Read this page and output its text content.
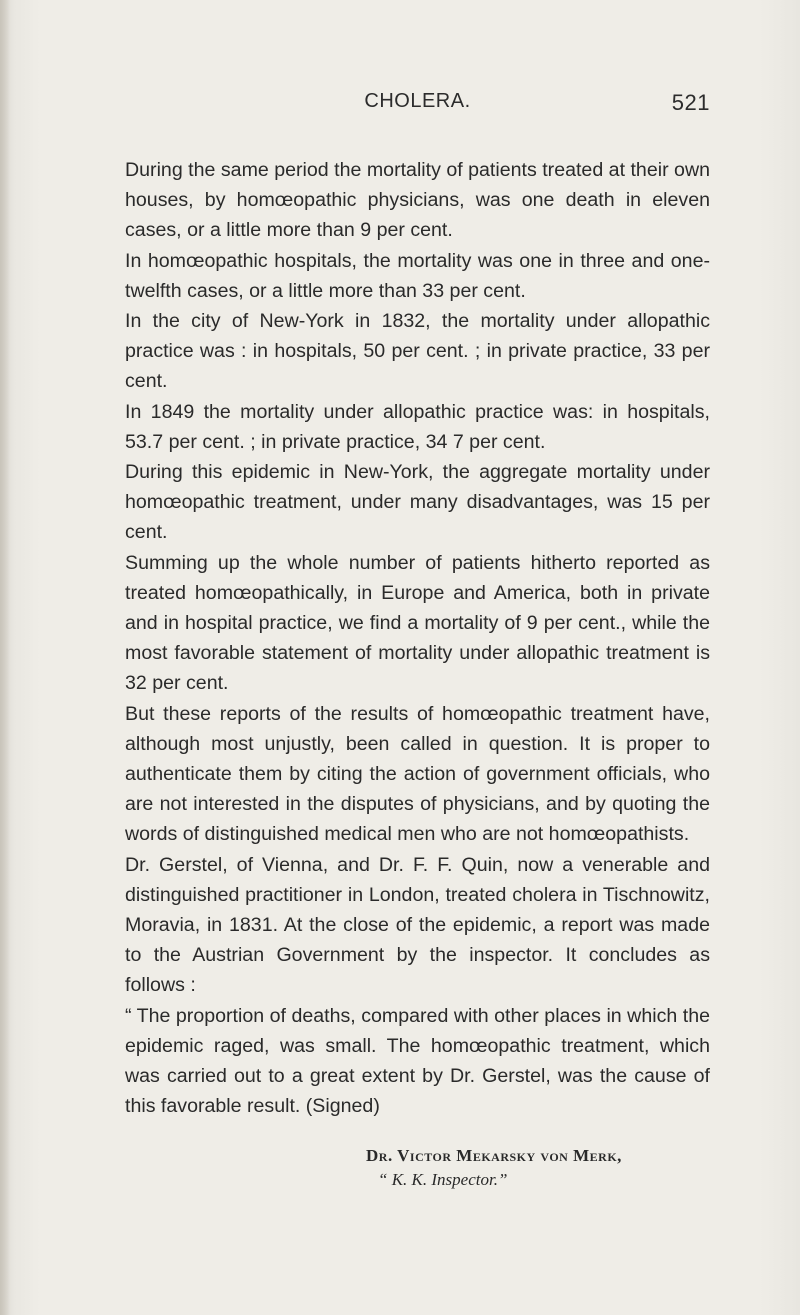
CHOLERA.	521

During the same period the mortality of patients treated at their own houses, by homœopathic physicians, was one death in eleven cases, or a little more than 9 per cent.

In homœopathic hospitals, the mortality was one in three and one-twelfth cases, or a little more than 33 per cent.

In the city of New-York in 1832, the mortality under allopathic practice was : in hospitals, 50 per cent. ; in private practice, 33 per cent.

In 1849 the mortality under allopathic practice was: in hospitals, 53.7 per cent. ; in private practice, 34 7 per cent.

During this epidemic in New-York, the aggregate mortality under homœopathic treatment, under many disadvantages, was 15 per cent.

Summing up the whole number of patients hitherto reported as treated homœopathically, in Europe and America, both in private and in hospital practice, we find a mortality of 9 per cent., while the most favorable statement of mortality under allopathic treatment is 32 per cent.

But these reports of the results of homœopathic treatment have, although most unjustly, been called in question. It is proper to authenticate them by citing the action of government officials, who are not interested in the disputes of physicians, and by quoting the words of distinguished medical men who are not homœopathists.

Dr. Gerstel, of Vienna, and Dr. F. F. Quin, now a venerable and distinguished practitioner in London, treated cholera in Tischnowitz, Moravia, in 1831. At the close of the epidemic, a report was made to the Austrian Government by the inspector. It concludes as follows :

“ The proportion of deaths, compared with other places in which the epidemic raged, was small. The homœopathic treatment, which was carried out to a great extent by Dr. Gerstel, was the cause of this favorable result. (Signed)

Dr. Victor Mekarsky von Merk,
“ K. K. Inspector.”
